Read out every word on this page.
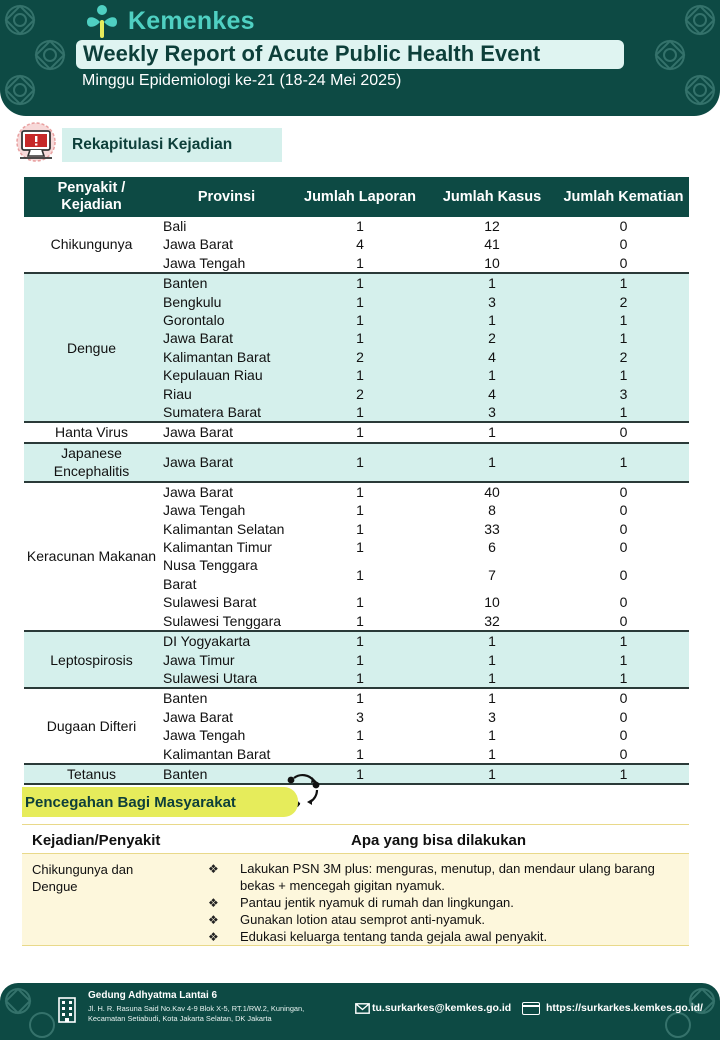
Kemenkes
Weekly Report of Acute Public Health Event
Minggu Epidemiologi ke-21 (18-24 Mei 2025)
Rekapitulasi Kejadian
Penyakit / Kejadian	Provinsi	Jumlah Laporan	Jumlah Kasus	Jumlah Kematian
Chikungunya	Bali	1	12	0
	Jawa Barat	4	41	0
	Jawa Tengah	1	10	0
Dengue	Banten	1	1	1
	Bengkulu	1	3	2
	Gorontalo	1	1	1
	Jawa Barat	1	2	1
	Kalimantan Barat	2	4	2
	Kepulauan Riau	1	1	1
	Riau	2	4	3
	Sumatera Barat	1	3	1
Hanta Virus	Jawa Barat	1	1	0
Japanese Encephalitis	Jawa Barat	1	1	1
Keracunan Makanan	Jawa Barat	1	40	0
	Jawa Tengah	1	8	0
	Kalimantan Selatan	1	33	0
	Kalimantan Timur	1	6	0
	Nusa Tenggara Barat	1	7	0
	Sulawesi Barat	1	10	0
	Sulawesi Tenggara	1	32	0
Leptospirosis	DI Yogyakarta	1	1	1
	Jawa Timur	1	1	1
	Sulawesi Utara	1	1	1
Dugaan Difteri	Banten	1	1	0
	Jawa Barat	3	3	0
	Jawa Tengah	1	1	0
	Kalimantan Barat	1	1	0
Tetanus	Banten	1	1	1
Pencegahan Bagi Masyarakat
Kejadian/Penyakit	Apa yang bisa dilakukan
Chikungunya dan Dengue
❖ Lakukan PSN 3M plus: menguras, menutup, dan mendaur ulang barang bekas + mencegah gigitan nyamuk.
❖ Pantau jentik nyamuk di rumah dan lingkungan.
❖ Gunakan lotion atau semprot anti-nyamuk.
❖ Edukasi keluarga tentang tanda gejala awal penyakit.
Gedung Adhyatma Lantai 6
Jl. H. R. Rasuna Said No.Kav 4-9 Blok X-5, RT.1/RW.2, Kuningan, Kecamatan Setiabudi, Kota Jakarta Selatan, DK Jakarta
tu.surkarkes@kemkes.go.id	https://surkarkes.kemkes.go.id/
